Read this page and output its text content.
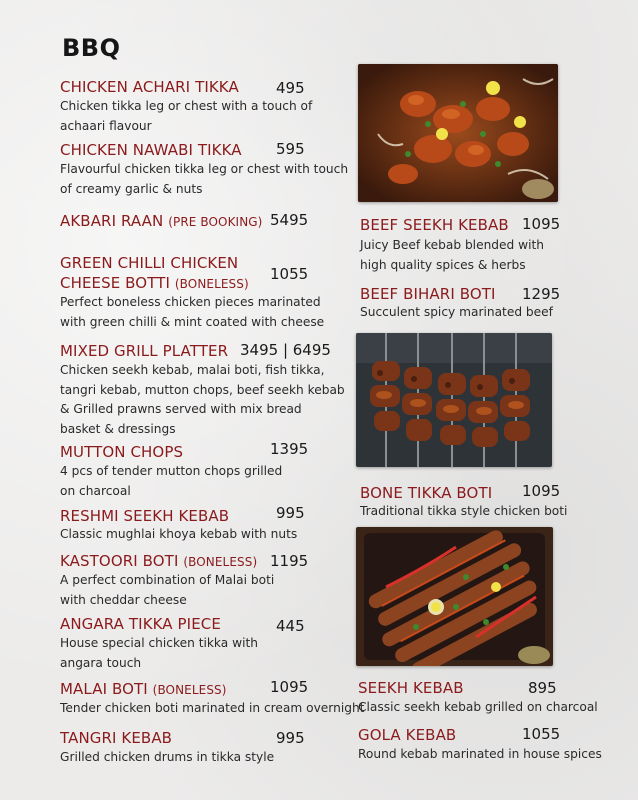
BBQ
CHICKEN ACHARI TIKKA 495
Chicken tikka leg or chest with a touch of achaari flavour
CHICKEN NAWABI TIKKA 595
Flavourful chicken tikka leg or chest with touch of creamy garlic & nuts
AKBARI RAAN (PRE BOOKING) 5495
GREEN CHILLI CHICKEN
CHEESE BOTTI (BONELESS)
1055
Perfect boneless chicken pieces marinated with green chilli & mint coated with cheese
MIXED GRILL PLATTER 3495 | 6495
Chicken seekh kebab, malai boti, fish tikka, tangri kebab, mutton chops, beef seekh kebab & Grilled prawns served with mix bread basket & dressings
MUTTON CHOPS	1395
4 pcs of tender mutton chops grilled on charcoal
RESHMI SEEKH KEBAB	995
Classic mughlai khoya kebab with nuts
KASTOORI BOTI (BONELESS) 1195
A perfect combination of Malai boti with cheddar cheese
ANGARA TIKKA PIECE	445
House special chicken tikka with angara touch
MALAI BOTI (BONELESS)	1095
Tender chicken boti marinated in cream overnight
TANGRI KEBAB	995
Grilled chicken drums in tikka style
BEEF SEEKH KEBAB 1095
Juicy Beef kebab blended with high quality spices & herbs
BEEF BIHARI BOTI 1295
Succulent spicy marinated beef
BONE TIKKA BOTI 1095
Traditional tikka style chicken boti
SEEKH KEBAB	895
Classic seekh kebab grilled on charcoal
GOLA KEBAB	1055
Round kebab marinated in house spices
